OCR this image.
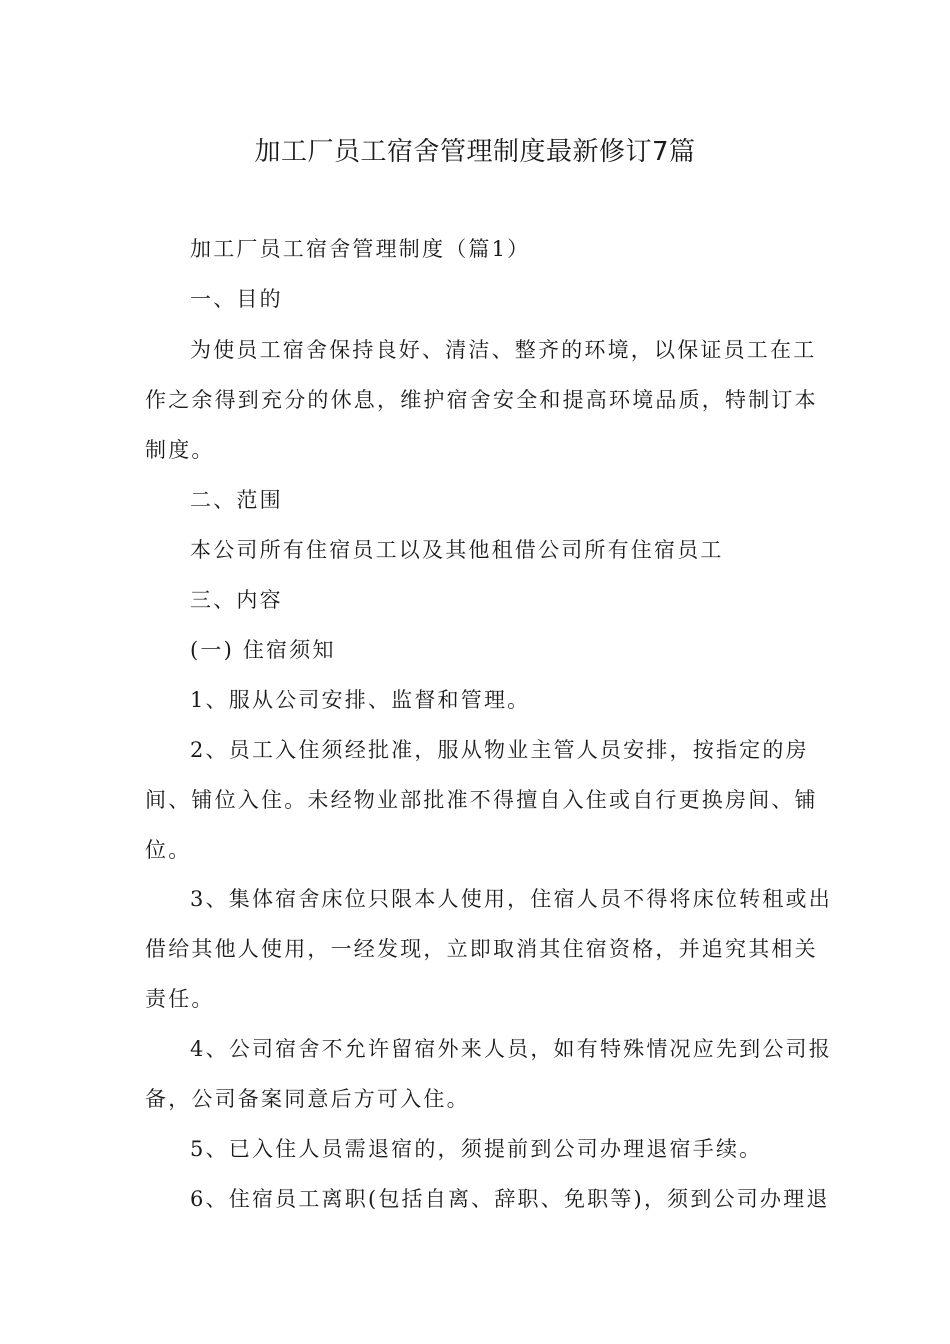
加工厂员工宿舍管理制度最新修订7篇

加工厂员工宿舍管理制度（篇1）

一、目的

为使员工宿舍保持良好、清洁、整齐的环境，以保证员工在工

作之余得到充分的休息，维护宿舍安全和提高环境品质，特制订本

制度。

二、范围

本公司所有住宿员工以及其他租借公司所有住宿员工

三、内容

(一) 住宿须知

1、服从公司安排、监督和管理。

2、员工入住须经批准，服从物业主管人员安排，按指定的房

间、铺位入住。未经物业部批准不得擅自入住或自行更换房间、铺

位。

3、集体宿舍床位只限本人使用，住宿人员不得将床位转租或出

借给其他人使用，一经发现，立即取消其住宿资格，并追究其相关

责任。

4、公司宿舍不允许留宿外来人员，如有特殊情况应先到公司报

备，公司备案同意后方可入住。

5、已入住人员需退宿的，须提前到公司办理退宿手续。

6、住宿员工离职(包括自离、辞职、免职等)，须到公司办理退
